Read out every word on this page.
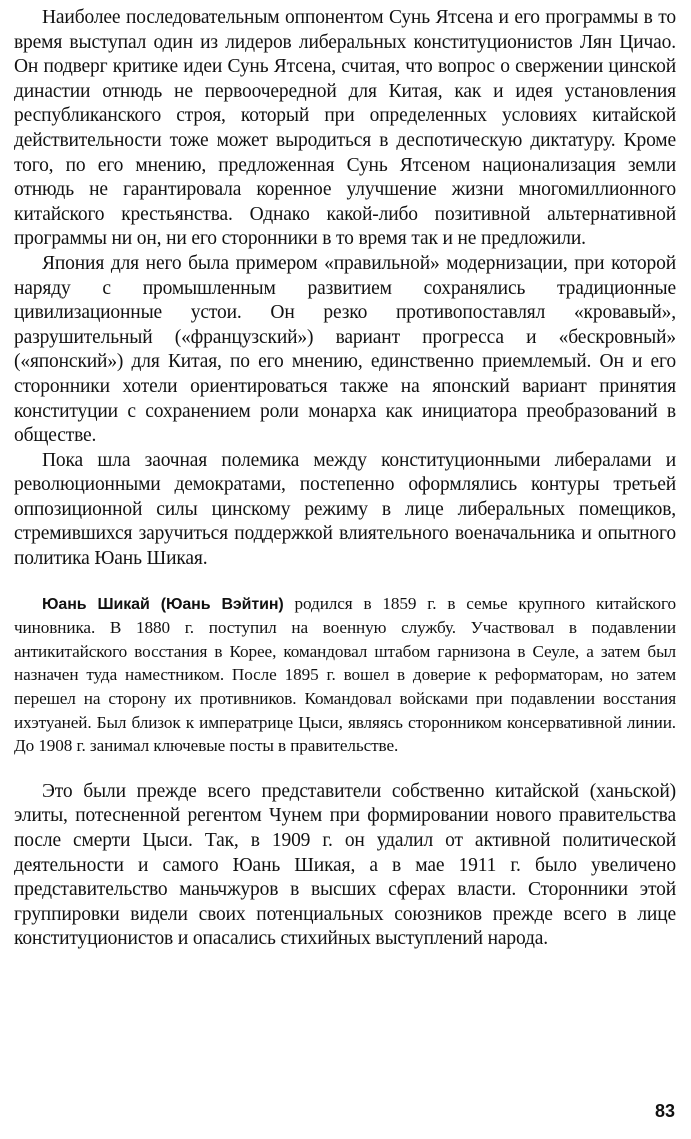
Наиболее последовательным оппонентом Сунь Ятсена и его программы в то время выступал один из лидеров либеральных конституционистов Лян Цичао. Он подверг критике идеи Сунь Ятсена, считая, что вопрос о свержении цинской династии отнюдь не первоочередной для Китая, как и идея установления республиканского строя, который при определенных условиях китайской действительности тоже может выродиться в деспотическую диктатуру. Кроме того, по его мнению, предложенная Сунь Ятсеном национализация земли отнюдь не гарантировала коренное улучшение жизни многомиллионного китайского крестьянства. Однако какой-либо позитивной альтернативной программы ни он, ни его сторонники в то время так и не предложили.

Япония для него была примером «правильной» модернизации, при которой наряду с промышленным развитием сохранялись традиционные цивилизационные устои. Он резко противопоставлял «кровавый», разрушительный («французский») вариант прогресса и «бескровный» («японский») для Китая, по его мнению, единственно приемлемый. Он и его сторонники хотели ориентироваться также на японский вариант принятия конституции с сохранением роли монарха как инициатора преобразований в обществе.

Пока шла заочная полемика между конституционными либералами и революционными демократами, постепенно оформлялись контуры третьей оппозиционной силы цинскому режиму в лице либеральных помещиков, стремившихся заручиться поддержкой влиятельного военачальника и опытного политика Юань Шикая.

Юань Шикай (Юань Вэйтин) родился в 1859 г. в семье крупного китайского чиновника. В 1880 г. поступил на военную службу. Участвовал в подавлении антикитайского восстания в Корее, командовал штабом гарнизона в Сеуле, а затем был назначен туда наместником. После 1895 г. вошел в доверие к реформаторам, но затем перешел на сторону их противников. Командовал войсками при подавлении восстания ихэтуаней. Был близок к императрице Цыси, являясь сторонником консервативной линии. До 1908 г. занимал ключевые посты в правительстве.

Это были прежде всего представители собственно китайской (ханьской) элиты, потесненной регентом Чунем при формировании нового правительства после смерти Цыси. Так, в 1909 г. он удалил от активной политической деятельности и самого Юань Шикая, а в мае 1911 г. было увеличено представительство маньчжуров в высших сферах власти. Сторонники этой группировки видели своих потенциальных союзников прежде всего в лице конституционистов и опасались стихийных выступлений народа.

83
